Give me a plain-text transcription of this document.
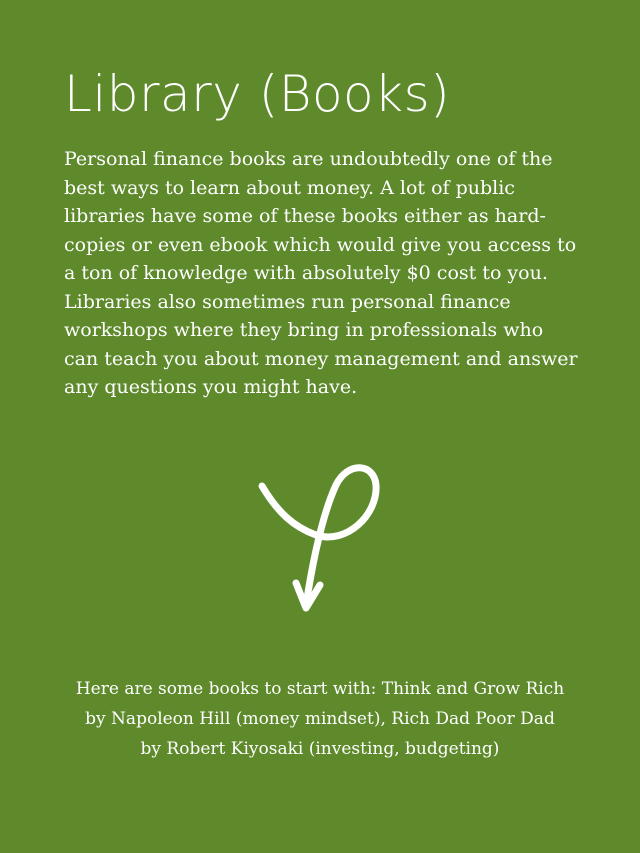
Library (Books)

Personal finance books are undoubtedly one of the
best ways to learn about money. A lot of public
libraries have some of these books either as hard-
copies or even ebook which would give you access to
a ton of knowledge with absolutely $0 cost to you.
Libraries also sometimes run personal finance
workshops where they bring in professionals who
can teach you about money management and answer
any questions you might have.

Here are some books to start with: Think and Grow Rich
by Napoleon Hill (money mindset), Rich Dad Poor Dad
by Robert Kiyosaki (investing, budgeting)
